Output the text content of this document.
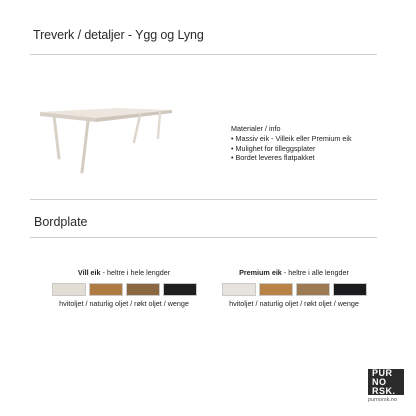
Treverk / detaljer - Ygg og Lyng
Materialer / info
• Massiv eik - Villeik eller Premium eik
• Mulighet for tilleggsplater
• Bordet leveres flatpakket
Bordplate
Vill eik - heltre i hele lengder
hvitoljet / naturlig oljet / røkt oljet / wenge
Premium eik - heltre i alle lengder
hvitoljet / naturlig oljet / røkt oljet / wenge
PUR
NO
RSK.
purnorsk.no
